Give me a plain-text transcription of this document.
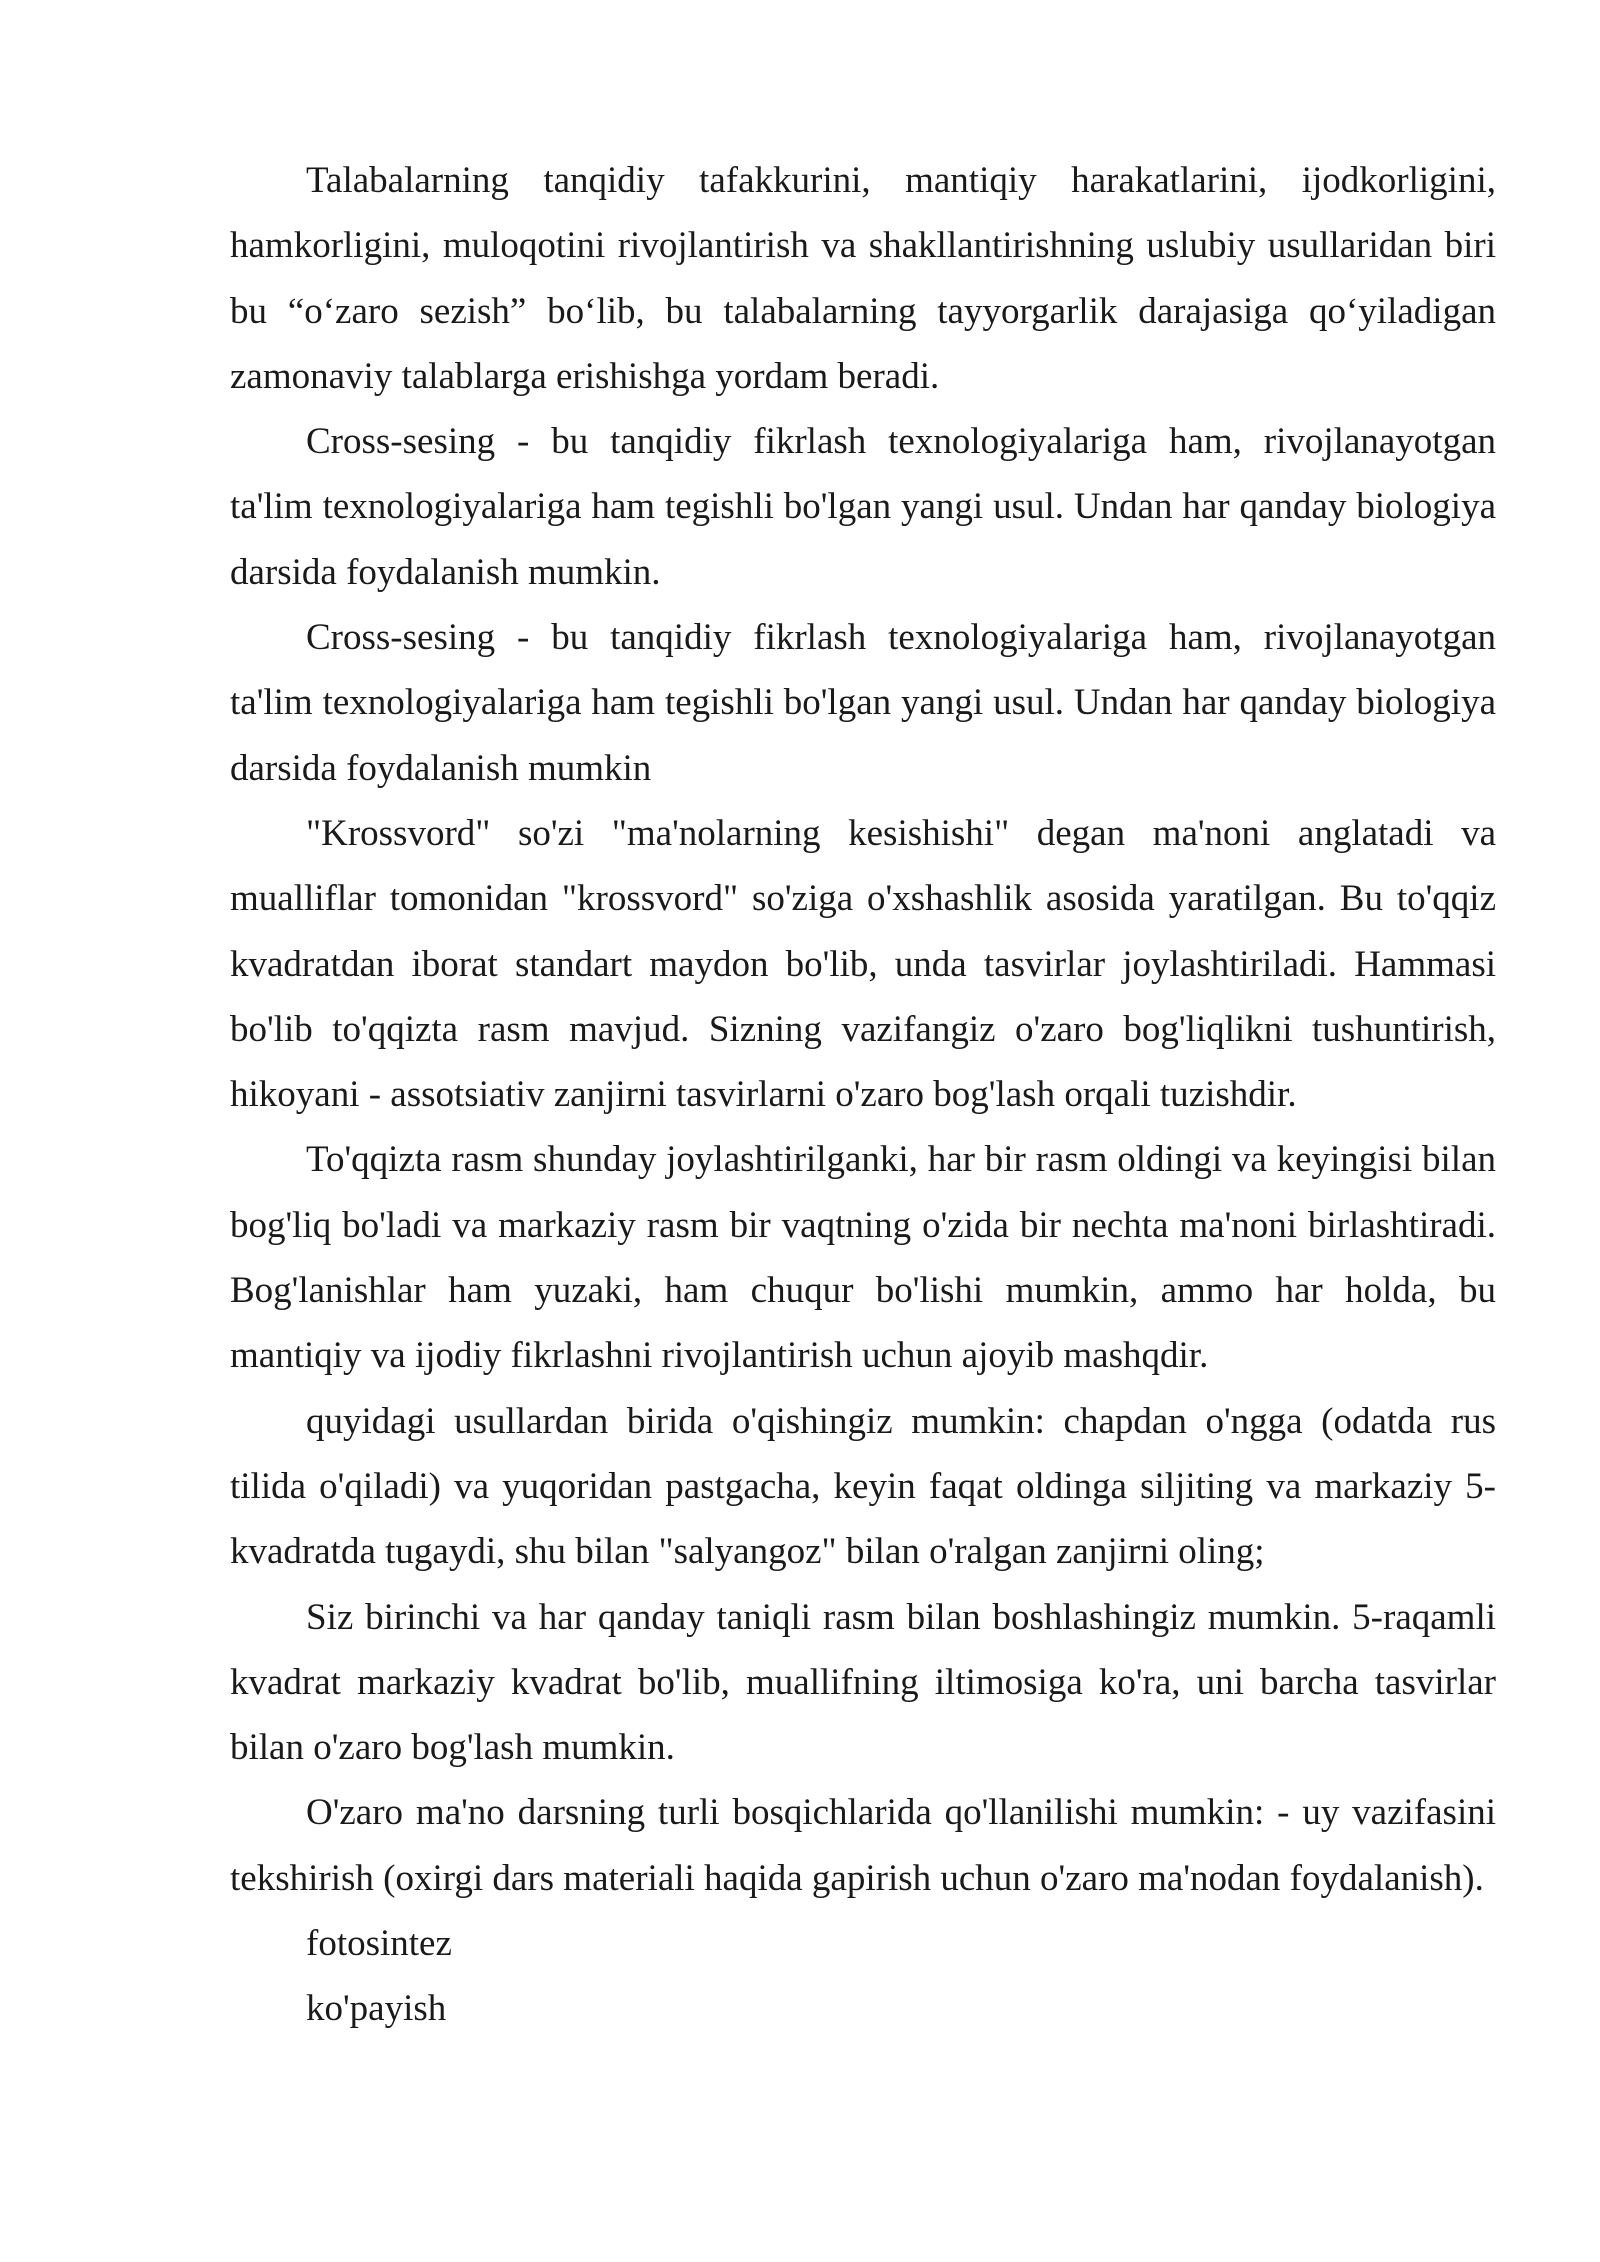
Talabalarning tanqidiy tafakkurini, mantiqiy harakatlarini, ijodkorligini, hamkorligini, muloqotini rivojlantirish va shakllantirishning uslubiy usullaridan biri bu “oʻzaro sezish” boʻlib, bu talabalarning tayyorgarlik darajasiga qoʻyiladigan zamonaviy talablarga erishishga yordam beradi.

Cross-sesing - bu tanqidiy fikrlash texnologiyalariga ham, rivojlanayotgan ta'lim texnologiyalariga ham tegishli bo'lgan yangi usul. Undan har qanday biologiya darsida foydalanish mumkin.

Cross-sesing - bu tanqidiy fikrlash texnologiyalariga ham, rivojlanayotgan ta'lim texnologiyalariga ham tegishli bo'lgan yangi usul. Undan har qanday biologiya darsida foydalanish mumkin

"Krossvord" so'zi "ma'nolarning kesishishi" degan ma'noni anglatadi va mualliflar tomonidan "krossvord" so'ziga o'xshashlik asosida yaratilgan. Bu to'qqiz kvadratdan iborat standart maydon bo'lib, unda tasvirlar joylashtiriladi. Hammasi bo'lib to'qqizta rasm mavjud. Sizning vazifangiz o'zaro bog'liqlikni tushuntirish, hikoyani - assotsiativ zanjirni tasvirlarni o'zaro bog'lash orqali tuzishdir.

To'qqizta rasm shunday joylashtirilganki, har bir rasm oldingi va keyingisi bilan bog'liq bo'ladi va markaziy rasm bir vaqtning o'zida bir nechta ma'noni birlashtiradi. Bog'lanishlar ham yuzaki, ham chuqur bo'lishi mumkin, ammo har holda, bu mantiqiy va ijodiy fikrlashni rivojlantirish uchun ajoyib mashqdir.

quyidagi usullardan birida o'qishingiz mumkin: chapdan o'ngga (odatda rus tilida o'qiladi) va yuqoridan pastgacha, keyin faqat oldinga siljiting va markaziy 5-kvadratda tugaydi, shu bilan "salyangoz" bilan o'ralgan zanjirni oling;

Siz birinchi va har qanday taniqli rasm bilan boshlashingiz mumkin. 5-raqamli kvadrat markaziy kvadrat bo'lib, muallifning iltimosiga ko'ra, uni barcha tasvirlar bilan o'zaro bog'lash mumkin.

O'zaro ma'no darsning turli bosqichlarida qo'llanilishi mumkin: - uy vazifasini tekshirish (oxirgi dars materiali haqida gapirish uchun o'zaro ma'nodan foydalanish).

fotosintez

ko'payish
